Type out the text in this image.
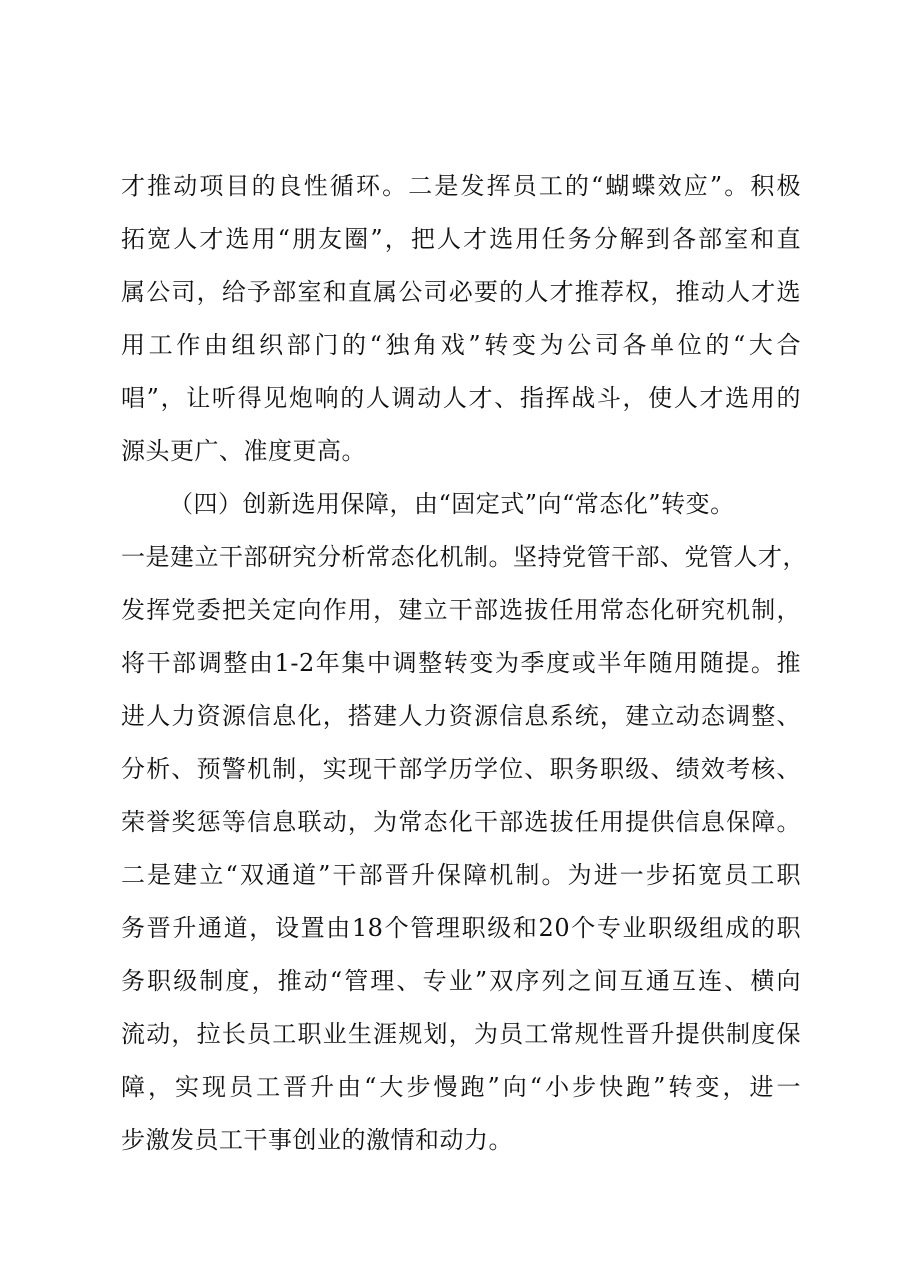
才推动项目的良性循环。二是发挥员工的“蝴蝶效应”。积极
拓宽人才选用“朋友圈”，把人才选用任务分解到各部室和直
属公司，给予部室和直属公司必要的人才推荐权，推动人才选
用工作由组织部门的“独角戏”转变为公司各单位的“大合
唱”，让听得见炮响的人调动人才、指挥战斗，使人才选用的
源头更广、准度更高。
（四）创新选用保障，由“固定式”向“常态化”转变。
一是建立干部研究分析常态化机制。坚持党管干部、党管人才，
发挥党委把关定向作用，建立干部选拔任用常态化研究机制，
将干部调整由1-2年集中调整转变为季度或半年随用随提。推
进人力资源信息化，搭建人力资源信息系统，建立动态调整、
分析、预警机制，实现干部学历学位、职务职级、绩效考核、
荣誉奖惩等信息联动，为常态化干部选拔任用提供信息保障。
二是建立“双通道”干部晋升保障机制。为进一步拓宽员工职
务晋升通道，设置由18个管理职级和20个专业职级组成的职
务职级制度，推动“管理、专业”双序列之间互通互连、横向
流动，拉长员工职业生涯规划，为员工常规性晋升提供制度保
障，实现员工晋升由“大步慢跑”向“小步快跑”转变，进一
步激发员工干事创业的激情和动力。
